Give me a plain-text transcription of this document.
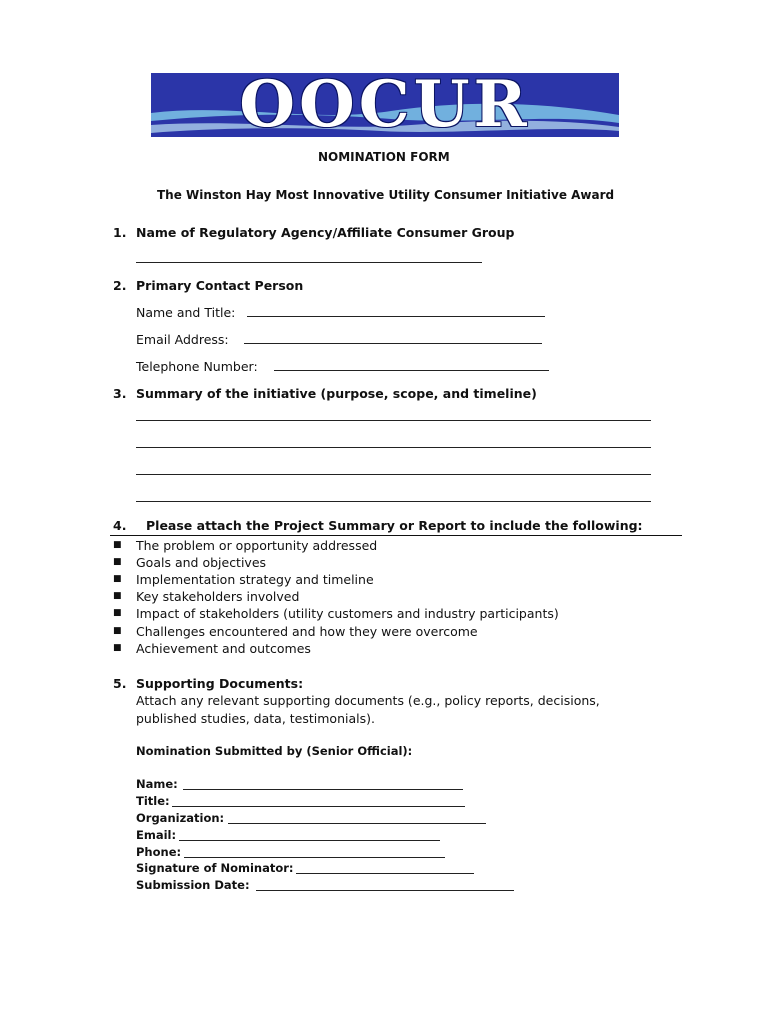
OOCUR
NOMINATION FORM
The Winston Hay Most Innovative Utility Consumer Initiative Award
1. Name of Regulatory Agency/Affiliate Consumer Group
2. Primary Contact Person
Name and Title:
Email Address:
Telephone Number:
3. Summary of the initiative (purpose, scope, and timeline)
4. Please attach the Project Summary or Report to include the following:
■ The problem or opportunity addressed
■ Goals and objectives
■ Implementation strategy and timeline
■ Key stakeholders involved
■ Impact of stakeholders (utility customers and industry participants)
■ Challenges encountered and how they were overcome
■ Achievement and outcomes
5. Supporting Documents:
Attach any relevant supporting documents (e.g., policy reports, decisions,
published studies, data, testimonials).
Nomination Submitted by (Senior Official):
Name:
Title:
Organization:
Email:
Phone:
Signature of Nominator:
Submission Date:
